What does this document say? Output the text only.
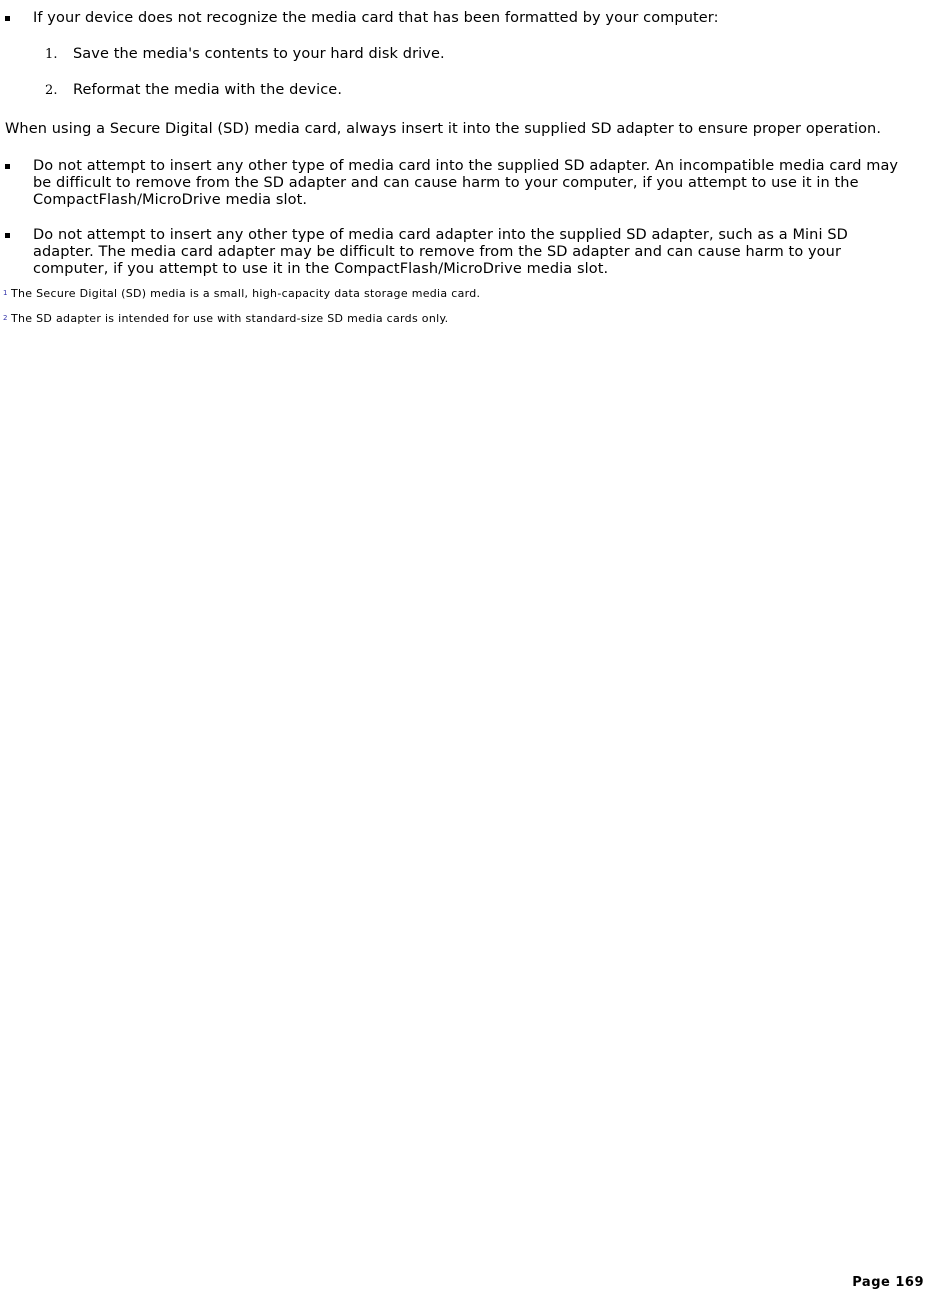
If your device does not recognize the media card that has been formatted by your computer:
1. Save the media's contents to your hard disk drive.
2. Reformat the media with the device.
When using a Secure Digital (SD) media card, always insert it into the supplied SD adapter to ensure proper operation.
Do not attempt to insert any other type of media card into the supplied SD adapter. An incompatible media card may be difficult to remove from the SD adapter and can cause harm to your computer, if you attempt to use it in the CompactFlash/MicroDrive media slot.
Do not attempt to insert any other type of media card adapter into the supplied SD adapter, such as a Mini SD adapter. The media card adapter may be difficult to remove from the SD adapter and can cause harm to your computer, if you attempt to use it in the CompactFlash/MicroDrive media slot.
1 The Secure Digital (SD) media is a small, high-capacity data storage media card.
2 The SD adapter is intended for use with standard-size SD media cards only.
Page 169
